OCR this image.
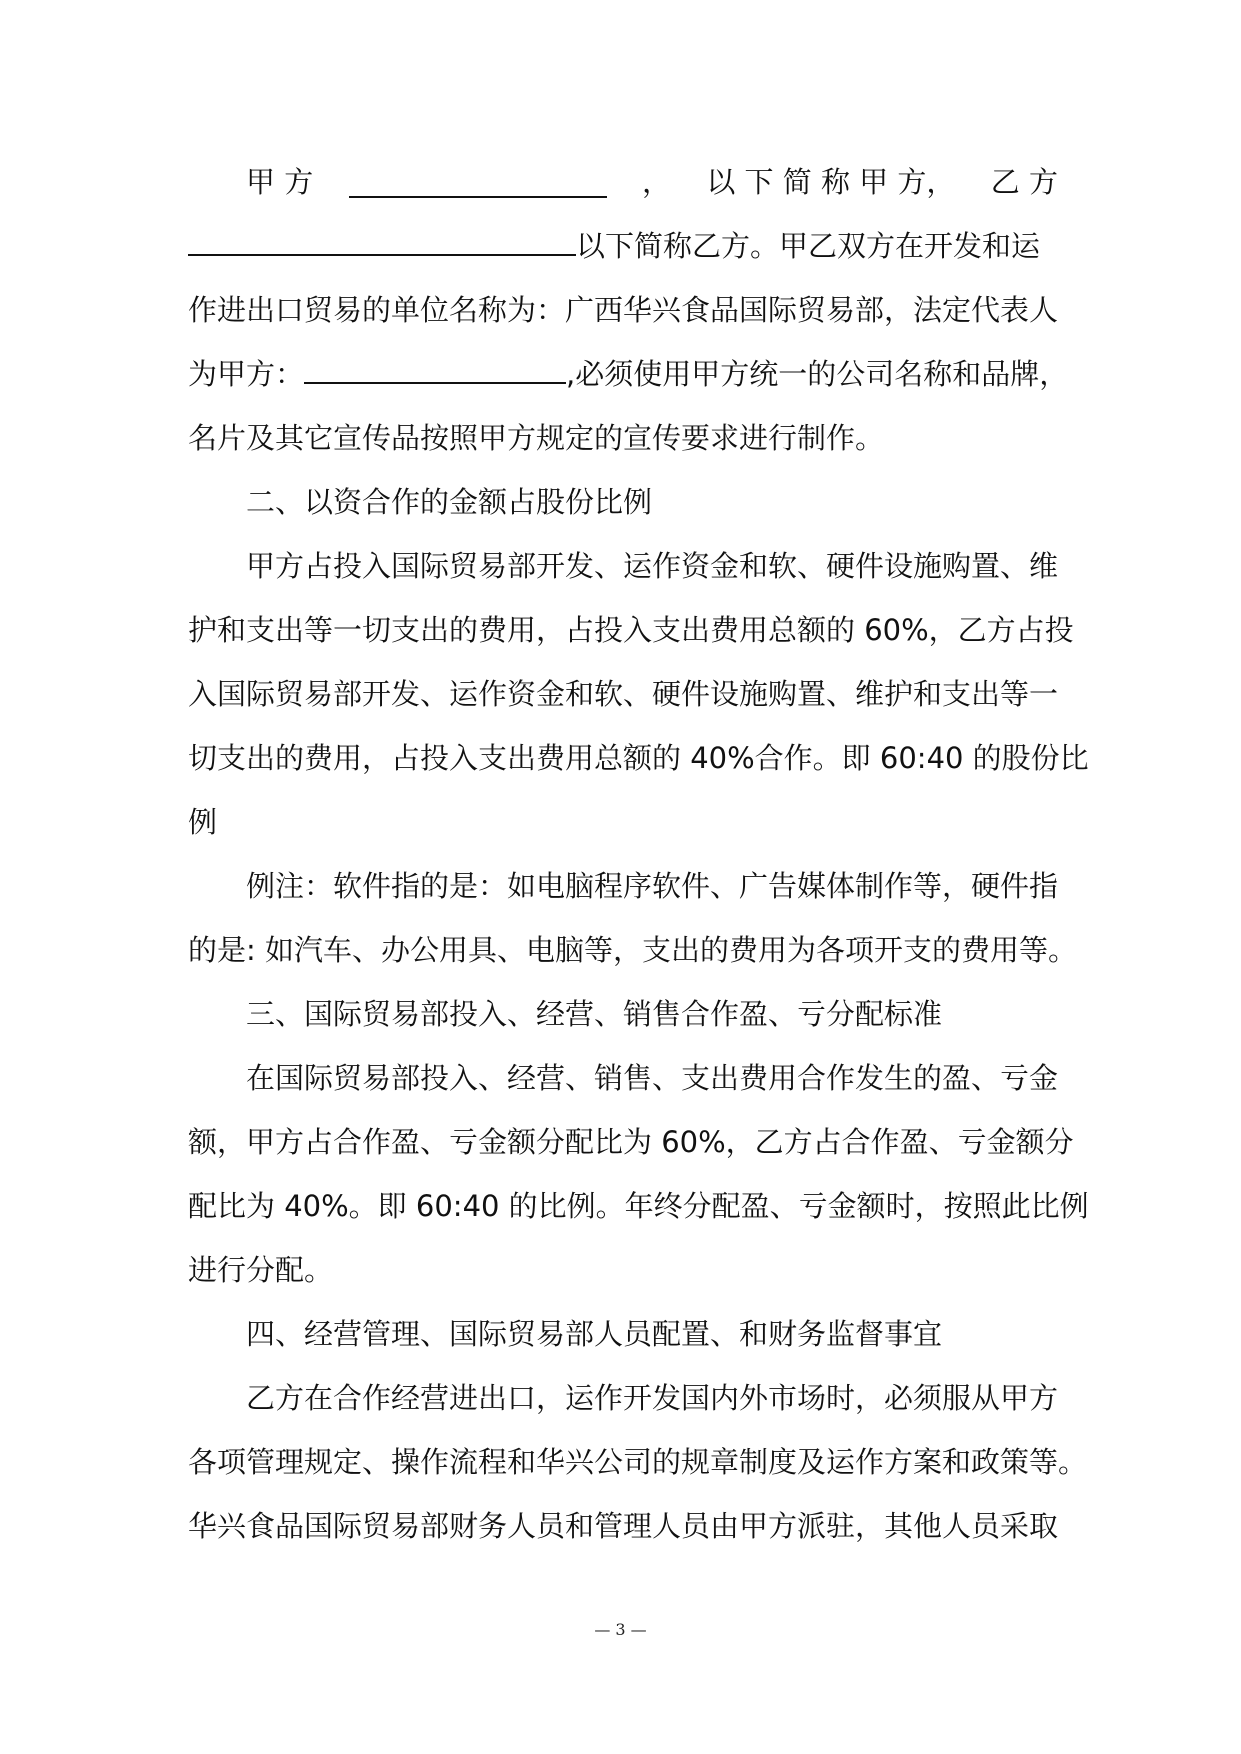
甲 方	， 以 下 简 称 甲 方， 乙 方
以下简称乙方。甲乙双方在开发和运
作进出口贸易的单位名称为：广西华兴食品国际贸易部，法定代表人
为甲方：	,必须使用甲方统一的公司名称和品牌，
名片及其它宣传品按照甲方规定的宣传要求进行制作。
二、以资合作的金额占股份比例
甲方占投入国际贸易部开发、运作资金和软、硬件设施购置、维
护和支出等一切支出的费用，占投入支出费用总额的 60%，乙方占投
入国际贸易部开发、运作资金和软、硬件设施购置、维护和支出等一
切支出的费用，占投入支出费用总额的 40%合作。即 60:40 的股份比
例
例注：软件指的是：如电脑程序软件、广告媒体制作等，硬件指
的是: 如汽车、办公用具、电脑等，支出的费用为各项开支的费用等。
三、国际贸易部投入、经营、销售合作盈、亏分配标准
在国际贸易部投入、经营、销售、支出费用合作发生的盈、亏金
额，甲方占合作盈、亏金额分配比为 60%，乙方占合作盈、亏金额分
配比为 40%。即 60:40 的比例。年终分配盈、亏金额时，按照此比例
进行分配。
四、经营管理、国际贸易部人员配置、和财务监督事宜
乙方在合作经营进出口，运作开发国内外市场时，必须服从甲方
各项管理规定、操作流程和华兴公司的规章制度及运作方案和政策等。
华兴食品国际贸易部财务人员和管理人员由甲方派驻，其他人员采取
— 3 —
